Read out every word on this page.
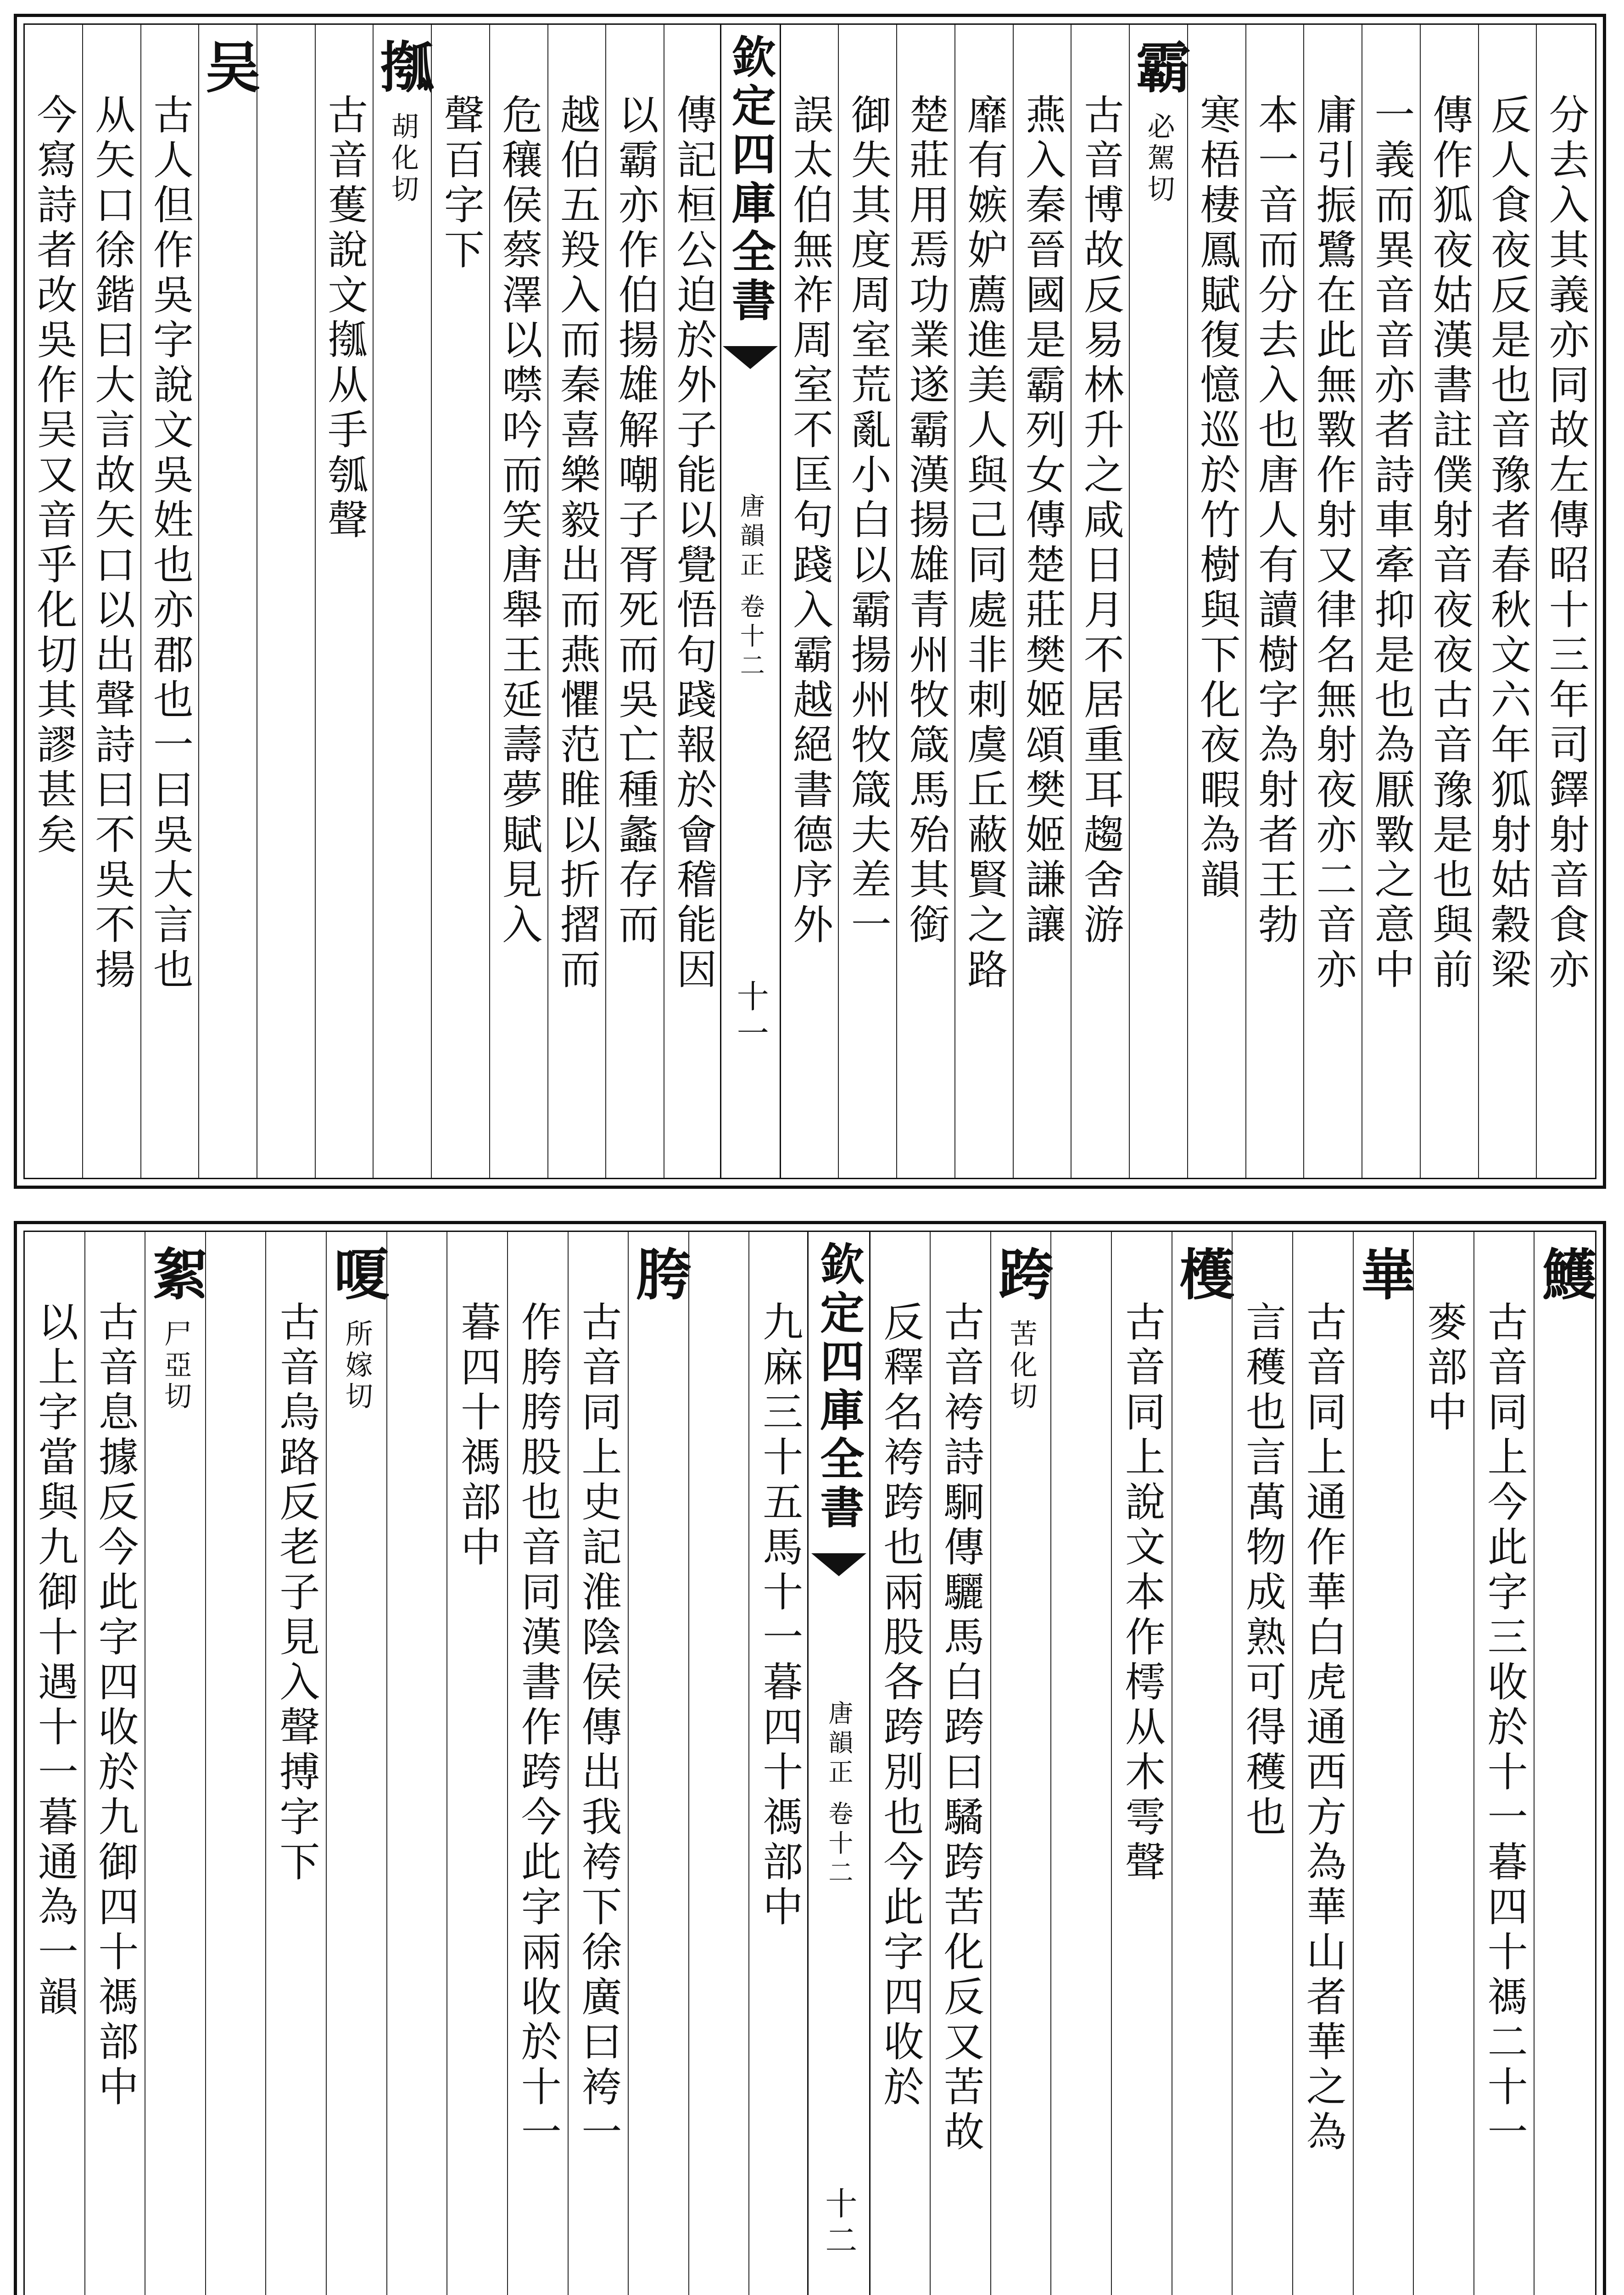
分去入其義亦同故左傳昭十三年司鐸射音食亦
反人食夜反是也音豫者春秋文六年狐射姑穀梁
傳作狐夜姑漢書註僕射音夜夜古音豫是也與前
一義而異音音亦者詩車牽抑是也為厭斁之意中
庸引振鷺在此無斁作射又律名無射夜亦二音亦
本一音而分去入也唐人有讀樹字為射者王勃
寒梧棲鳳賦復憶巡於竹樹與下化夜暇為韻
霸
必駕切
古音博故反易林升之咸日月不居重耳趨舍游
燕入秦晉國是霸列女傳楚莊樊姬頌樊姬謙讓
靡有嫉妒薦進美人與己同處非刺虞丘蔽賢之路
楚莊用焉功業遂霸漢揚雄青州牧箴馬殆其銜
御失其度周室荒亂小白以霸揚州牧箴夫差一
誤太伯無祚周室不匡句踐入霸越絕書德序外
欽定四庫全書
唐韻正 卷十二
十一
傳記桓公迫於外子能以覺悟句踐報於會稽能因
以霸亦作伯揚雄解嘲子胥死而吳亡種蠡存而
越伯五羖入而秦喜樂毅出而燕懼范睢以折摺而
危穰侯蔡澤以噤吟而笑唐舉王延壽夢賦見入
聲百字下
摦
胡化切
古音蒦說文摦从手瓠聲
吴
古人但作吳字說文吳姓也亦郡也一曰吳大言也
从矢口徐鍇曰大言故矢口以出聲詩曰不吳不揚
今寫詩者改吳作吴又音乎化切其謬甚矣
鱯
古音同上今此字三收於十一暮四十禡二十一
麥部中
崋
古音同上通作華白虎通西方為華山者華之為
言穫也言萬物成熟可得穫也
檴
古音同上說文本作樗从木雩聲
跨
苦化切
古音袴詩駉傳驪馬白跨曰驈跨苦化反又苦故
反釋名袴跨也兩股各跨別也今此字四收於
欽定四庫全書
唐韻正 卷十二
十二
九麻三十五馬十一暮四十禡部中
胯
古音同上史記淮陰侯傳出我袴下徐廣曰袴一
作胯胯股也音同漢書作跨今此字兩收於十一
暮四十禡部中
嗄
所嫁切
古音烏路反老子見入聲搏字下
絮
尸亞切
古音息據反今此字四收於九御四十禡部中
以上字當與九御十遇十一暮通為一韻
